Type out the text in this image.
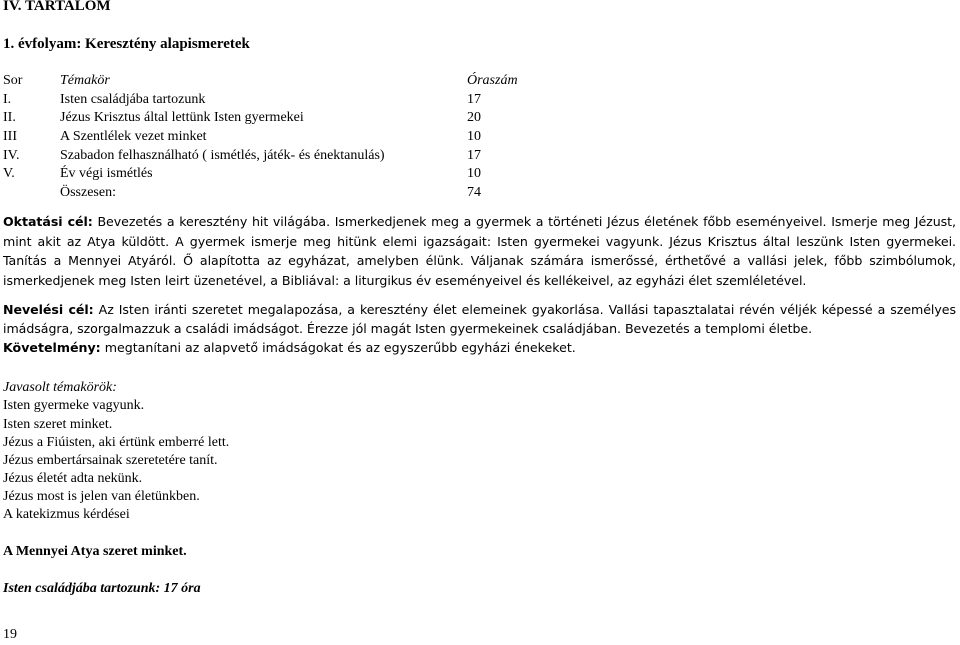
IV. TARTALOM
1. évfolyam: Keresztény alapismeretek
Sor	Témakör	Óraszám
I.	Isten családjába tartozunk	17
II.	Jézus Krisztus által lettünk Isten gyermekei	20
III	A Szentlélek vezet minket	10
IV.	Szabadon felhasználható ( ismétlés, játék- és énektanulás)	17
V.	Év végi ismétlés	10
Összesen:	74
Oktatási cél: Bevezetés a keresztény hit világába. Ismerkedjenek meg a gyermek a történeti Jézus életének főbb eseményeivel. Ismerje meg Jézust, mint akit az Atya küldött. A gyermek ismerje meg hitünk elemi igazságait: Isten gyermekei vagyunk. Jézus Krisztus által leszünk Isten gyermekei. Tanítás a Mennyei Atyáról. Ő alapította az egyházat, amelyben élünk. Váljanak számára ismerőssé, érthetővé a vallási jelek, főbb szimbólumok, ismerkedjenek meg Isten leirt üzenetével, a Bibliával: a liturgikus év eseményeivel és kellékeivel, az egyházi élet szemléletével.
Nevelési cél: Az Isten iránti szeretet megalapozása, a keresztény élet elemeinek gyakorlása. Vallási tapasztalatai révén véljék képessé a személyes imádságra, szorgalmazzuk a családi imádságot. Érezze jól magát Isten gyermekeinek családjában. Bevezetés a templomi életbe.
Követelmény: megtanítani az alapvető imádságokat és az egyszerűbb egyházi énekeket.
Javasolt témakörök:
Isten gyermeke vagyunk.
Isten szeret minket.
Jézus a Fiúisten, aki értünk emberré lett.
Jézus embertársainak szeretetére tanít.
Jézus életét adta nekünk.
Jézus most is jelen van életünkben.
A katekizmus kérdései
A Mennyei Atya szeret minket.
Isten családjába tartozunk: 17 óra
19
